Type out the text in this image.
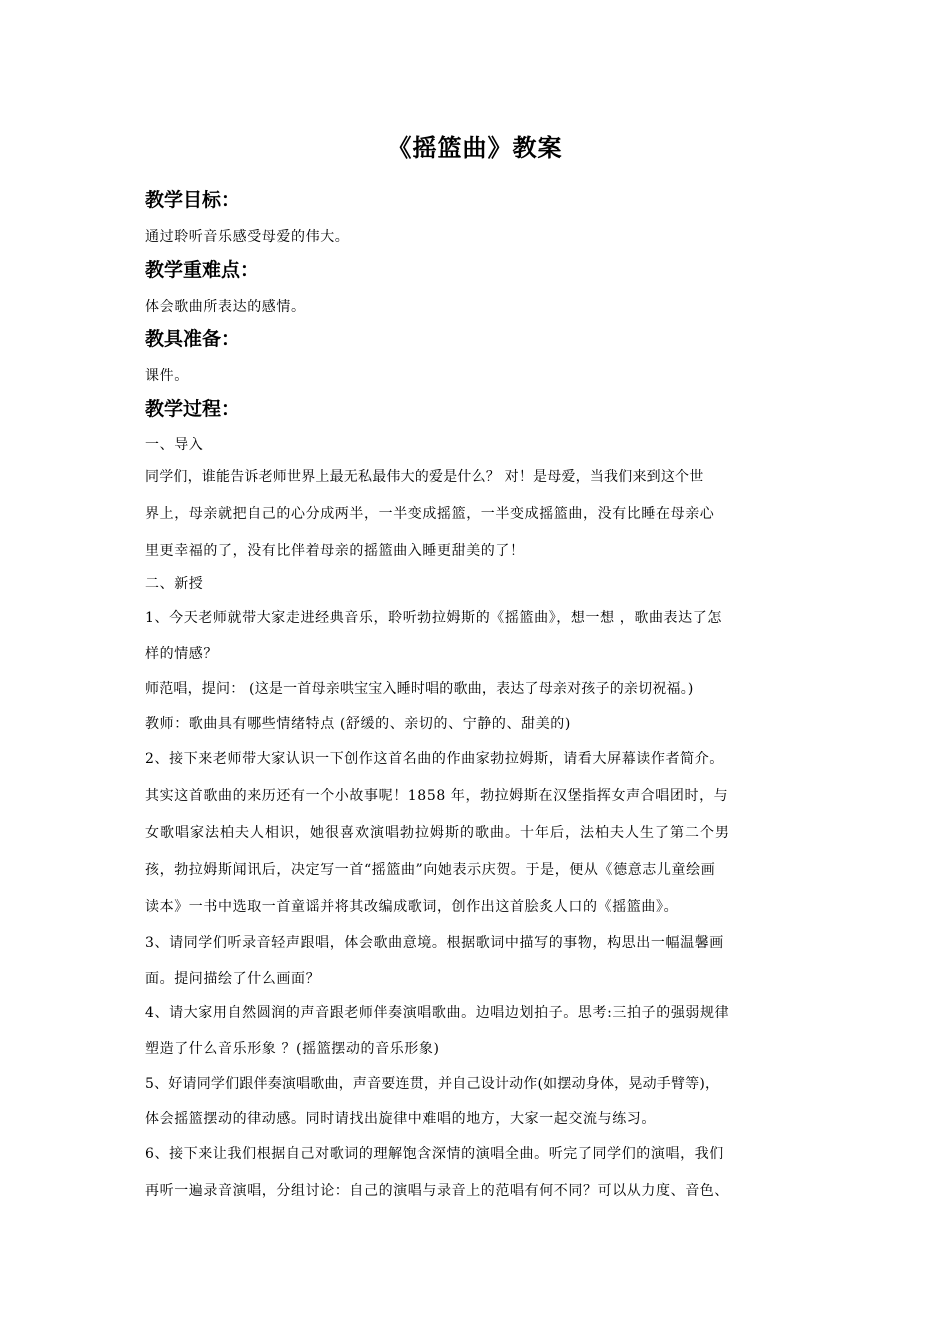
《摇篮曲》教案
教学目标：
通过聆听音乐感受母爱的伟大。
教学重难点：
体会歌曲所表达的感情。
教具准备：
课件。
教学过程：
一、导入
同学们，谁能告诉老师世界上最无私最伟大的爱是什么？ 对！是母爱，当我们来到这个世
界上，母亲就把自己的心分成两半，一半变成摇篮，一半变成摇篮曲，没有比睡在母亲心
里更幸福的了，没有比伴着母亲的摇篮曲入睡更甜美的了！
二、新授
1、今天老师就带大家走进经典音乐，聆听勃拉姆斯的《摇篮曲》，想一想 ，歌曲表达了怎
样的情感？
师范唱，提问： (这是一首母亲哄宝宝入睡时唱的歌曲，表达了母亲对孩子的亲切祝福。)
教师：歌曲具有哪些情绪特点 (舒缓的、亲切的、宁静的、甜美的)
2、接下来老师带大家认识一下创作这首名曲的作曲家勃拉姆斯，请看大屏幕读作者简介。
其实这首歌曲的来历还有一个小故事呢！1858 年，勃拉姆斯在汉堡指挥女声合唱团时，与
女歌唱家法柏夫人相识，她很喜欢演唱勃拉姆斯的歌曲。十年后，法柏夫人生了第二个男
孩，勃拉姆斯闻讯后，决定写一首“摇篮曲”向她表示庆贺。于是，便从《德意志儿童绘画
读本》一书中选取一首童谣并将其改编成歌词，创作出这首脍炙人口的《摇篮曲》。
3、请同学们听录音轻声跟唱，体会歌曲意境。根据歌词中描写的事物，构思出一幅温馨画
面。提问描绘了什么画面？
4、请大家用自然圆润的声音跟老师伴奏演唱歌曲。边唱边划拍子。思考:三拍子的强弱规律
塑造了什么音乐形象 ？(摇篮摆动的音乐形象)
5、好请同学们跟伴奏演唱歌曲，声音要连贯，并自己设计动作(如摆动身体，晃动手臂等)，
体会摇篮摆动的律动感。同时请找出旋律中难唱的地方，大家一起交流与练习。
6、接下来让我们根据自己对歌词的理解饱含深情的演唱全曲。听完了同学们的演唱，我们
再听一遍录音演唱，分组讨论：自己的演唱与录音上的范唱有何不同？可以从力度、音色、
